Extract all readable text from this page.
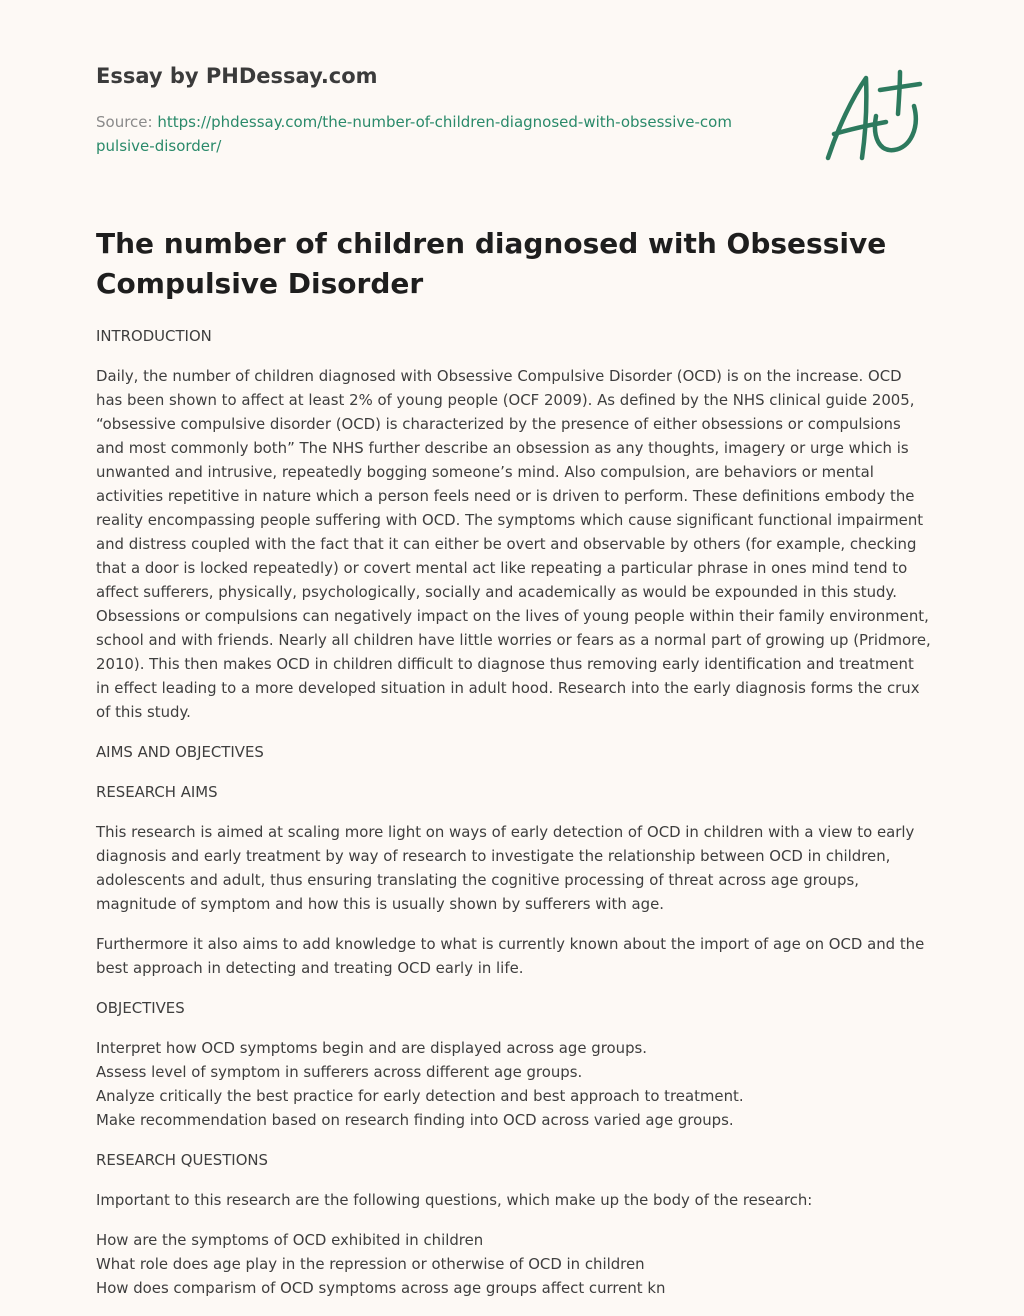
Essay by PHDessay.com
Source: https://phdessay.com/the-number-of-children-diagnosed-with-obsessive-compulsive-disorder/
The number of children diagnosed with Obsessive Compulsive Disorder

INTRODUCTION

Daily, the number of children diagnosed with Obsessive Compulsive Disorder (OCD) is on the increase. OCD has been shown to affect at least 2% of young people (OCF 2009). As defined by the NHS clinical guide 2005, “obsessive compulsive disorder (OCD) is characterized by the presence of either obsessions or compulsions and most commonly both” The NHS further describe an obsession as any thoughts, imagery or urge which is unwanted and intrusive, repeatedly bogging someone’s mind. Also compulsion, are behaviors or mental activities repetitive in nature which a person feels need or is driven to perform. These definitions embody the reality encompassing people suffering with OCD. The symptoms which cause significant functional impairment and distress coupled with the fact that it can either be overt and observable by others (for example, checking that a door is locked repeatedly) or covert mental act like repeating a particular phrase in ones mind tend to affect sufferers, physically, psychologically, socially and academically as would be expounded in this study. Obsessions or compulsions can negatively impact on the lives of young people within their family environment, school and with friends. Nearly all children have little worries or fears as a normal part of growing up (Pridmore, 2010). This then makes OCD in children difficult to diagnose thus removing early identification and treatment in effect leading to a more developed situation in adult hood. Research into the early diagnosis forms the crux of this study.

AIMS AND OBJECTIVES

RESEARCH AIMS

This research is aimed at scaling more light on ways of early detection of OCD in children with a view to early diagnosis and early treatment by way of research to investigate the relationship between OCD in children, adolescents and adult, thus ensuring translating the cognitive processing of threat across age groups, magnitude of symptom and how this is usually shown by sufferers with age.

Furthermore it also aims to add knowledge to what is currently known about the import of age on OCD and the best approach in detecting and treating OCD early in life.

OBJECTIVES

Interpret how OCD symptoms begin and are displayed across age groups.
Assess level of symptom in sufferers across different age groups.
Analyze critically the best practice for early detection and best approach to treatment.
Make recommendation based on research finding into OCD across varied age groups.

RESEARCH QUESTIONS

Important to this research are the following questions, which make up the body of the research:

How are the symptoms of OCD exhibited in children
What role does age play in the repression or otherwise of OCD in children
How does comparism of OCD symptoms across age groups affect current kn
